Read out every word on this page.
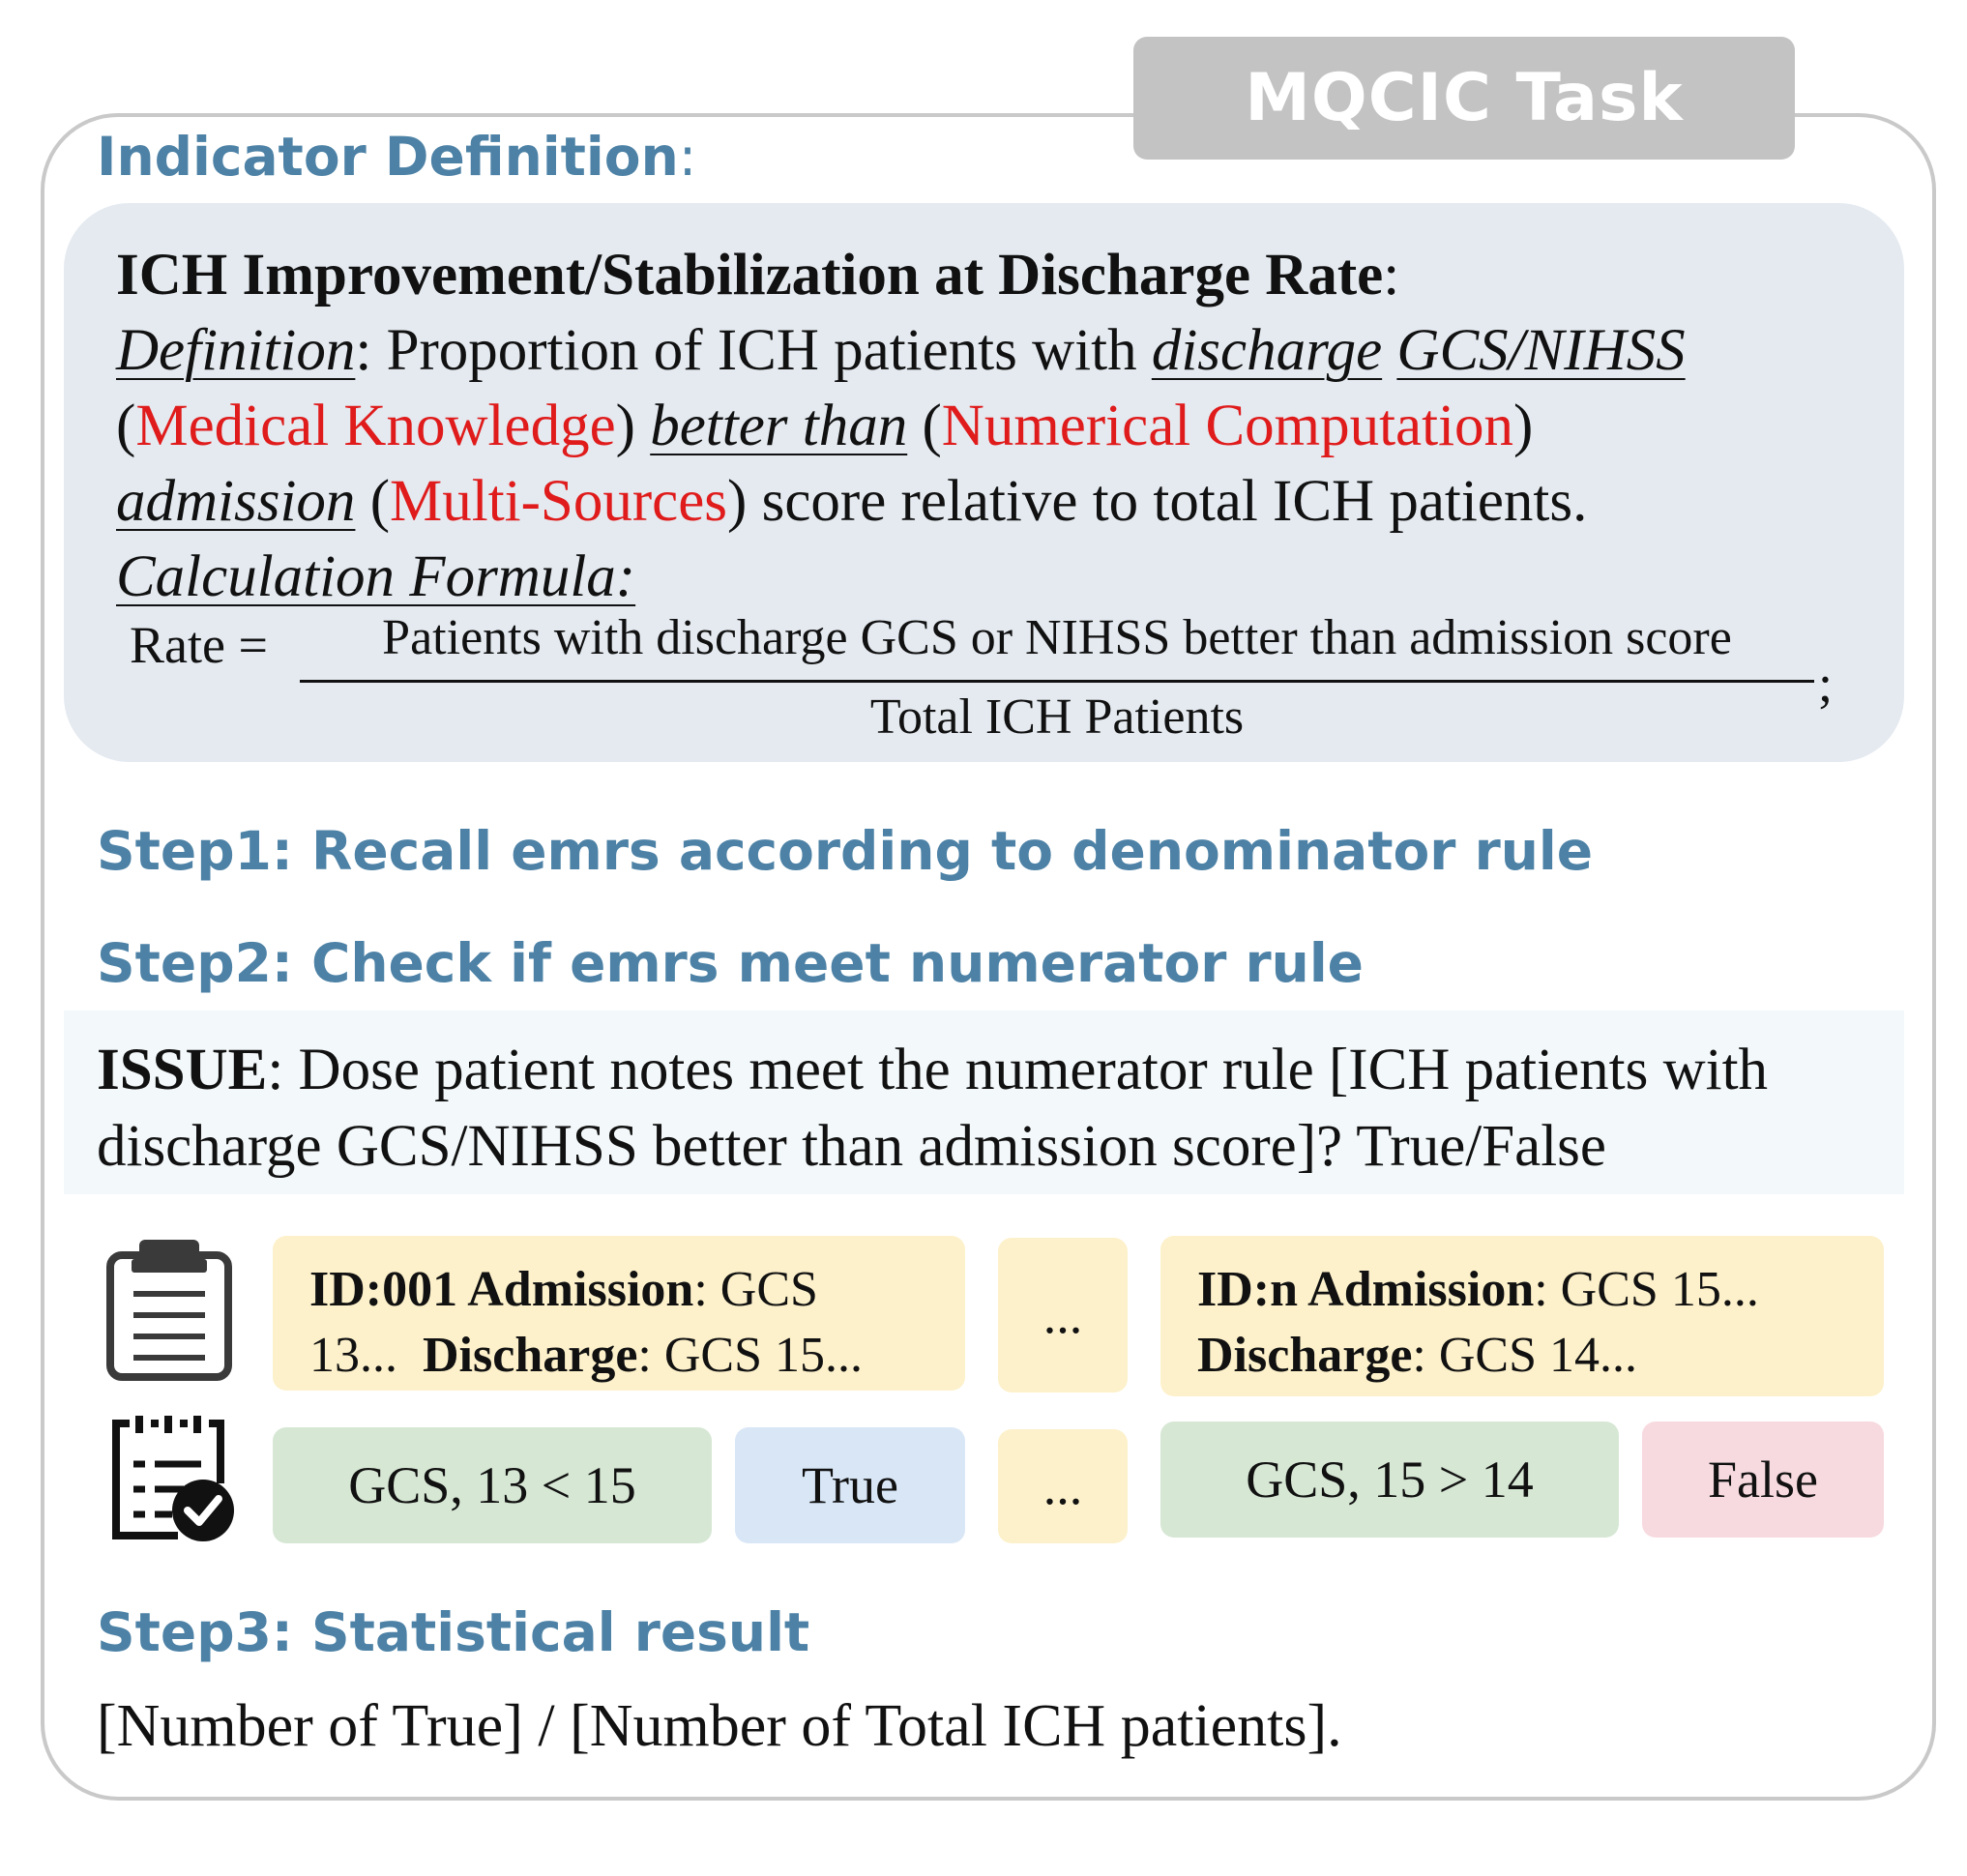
MQCIC Task
Indicator Definition:
ICH Improvement/Stabilization at Discharge Rate:
Definition: Proportion of ICH patients with discharge GCS/NIHSS
(Medical Knowledge) better than (Numerical Computation)
admission (Multi-Sources) score relative to total ICH patients.
Calculation Formula:
Rate =	Patients with discharge GCS or NIHSS better than admission score
Total ICH Patients
;
Step1: Recall emrs according to denominator rule
Step2: Check if emrs meet numerator rule
ISSUE: Dose patient notes meet the numerator rule [ICH patients with discharge GCS/NIHSS better than admission score]? True/False
ID:001 Admission: GCS
13... Discharge: GCS 15...
...	ID:n Admission: GCS 15...
Discharge: GCS 14...
GCS, 13 < 15	True	...	GCS, 15 > 14	False
Step3: Statistical result
[Number of True] / [Number of Total ICH patients].
